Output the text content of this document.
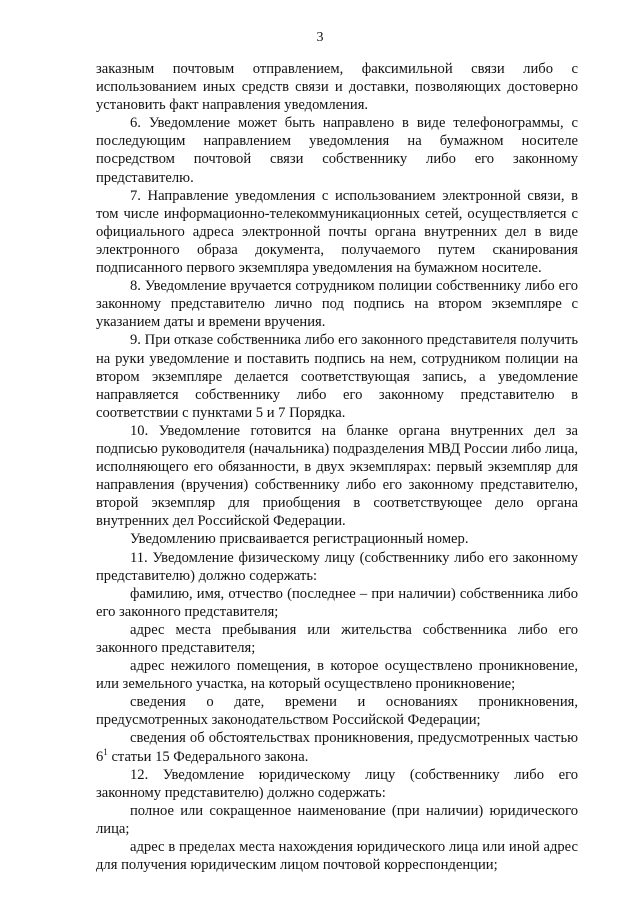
3

заказным почтовым отправлением, факсимильной связи либо с использованием иных средств связи и доставки, позволяющих достоверно установить факт направления уведомления.

6. Уведомление может быть направлено в виде телефонограммы, с последующим направлением уведомления на бумажном носителе посредством почтовой связи собственнику либо его законному представителю.

7. Направление уведомления с использованием электронной связи, в том числе информационно-телекоммуникационных сетей, осуществляется с официального адреса электронной почты органа внутренних дел в виде электронного образа документа, получаемого путем сканирования подписанного первого экземпляра уведомления на бумажном носителе.

8. Уведомление вручается сотрудником полиции собственнику либо его законному представителю лично под подпись на втором экземпляре с указанием даты и времени вручения.

9. При отказе собственника либо его законного представителя получить на руки уведомление и поставить подпись на нем, сотрудником полиции на втором экземпляре делается соответствующая запись, а уведомление направляется собственнику либо его законному представителю в соответствии с пунктами 5 и 7 Порядка.

10. Уведомление готовится на бланке органа внутренних дел за подписью руководителя (начальника) подразделения МВД России либо лица, исполняющего его обязанности, в двух экземплярах: первый экземпляр для направления (вручения) собственнику либо его законному представителю, второй экземпляр для приобщения в соответствующее дело органа внутренних дел Российской Федерации.

Уведомлению присваивается регистрационный номер.

11. Уведомление физическому лицу (собственнику либо его законному представителю) должно содержать:

фамилию, имя, отчество (последнее – при наличии) собственника либо его законного представителя;

адрес места пребывания или жительства собственника либо его законного представителя;

адрес нежилого помещения, в которое осуществлено проникновение, или земельного участка, на который осуществлено проникновение;

сведения о дате, времени и основаниях проникновения, предусмотренных законодательством Российской Федерации;

сведения об обстоятельствах проникновения, предусмотренных частью $6^1$ статьи 15 Федерального закона.

12. Уведомление юридическому лицу (собственнику либо его законному представителю) должно содержать:

полное или сокращенное наименование (при наличии) юридического лица;

адрес в пределах места нахождения юридического лица или иной адрес для получения юридическим лицом почтовой корреспонденции;
